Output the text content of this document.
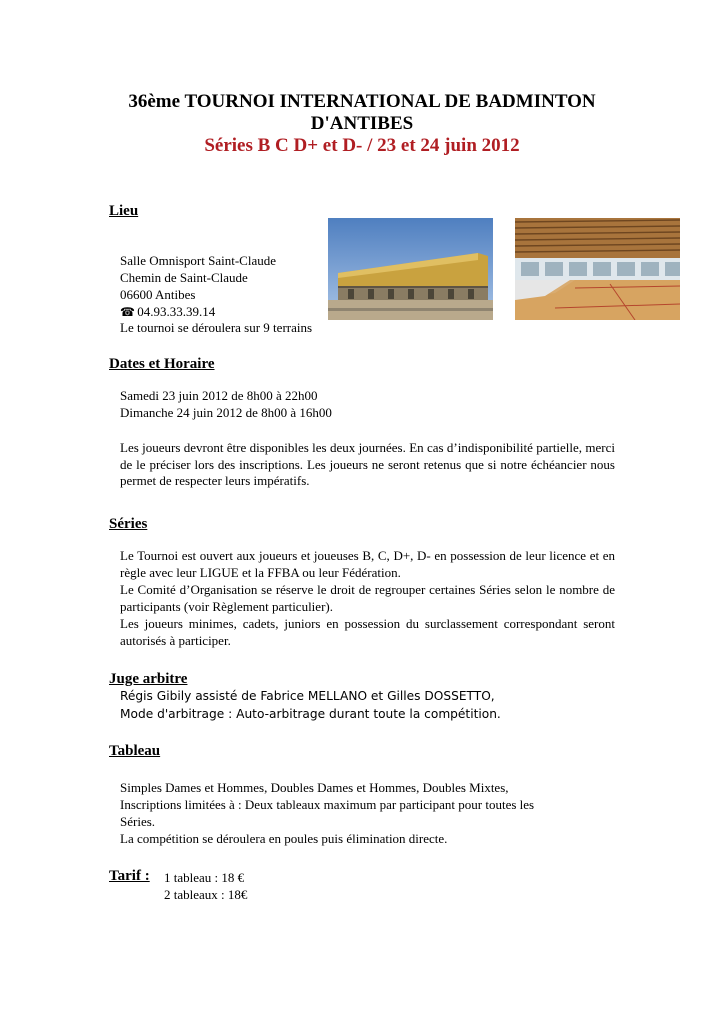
36ème TOURNOI INTERNATIONAL DE BADMINTON
D'ANTIBES
Séries B C D+ et D- / 23 et 24 juin 2012
Lieu
Salle Omnisport Saint-Claude
Chemin de Saint-Claude
06600 Antibes
☎ 04.93.33.39.14
Le tournoi se déroulera sur 9 terrains
Dates et Horaire
Samedi 23 juin 2012 de 8h00 à 22h00
Dimanche 24 juin 2012 de 8h00 à 16h00
Les joueurs devront être disponibles les deux journées. En cas d’indisponibilité partielle, merci de le préciser lors des inscriptions. Les joueurs ne seront retenus que si notre échéancier nous permet de respecter leurs impératifs.
Séries
Le Tournoi est ouvert aux joueurs et joueuses B, C, D+, D- en possession de leur licence et en règle avec leur LIGUE et la FFBA ou leur Fédération.
Le Comité d’Organisation se réserve le droit de regrouper certaines Séries selon le nombre de participants (voir Règlement particulier).
Les joueurs minimes, cadets, juniors en possession du surclassement correspondant seront autorisés à participer.
Juge arbitre
Régis Gibily assisté de Fabrice MELLANO et Gilles DOSSETTO,
Mode d'arbitrage : Auto-arbitrage durant toute la compétition.
Tableau
Simples Dames et Hommes, Doubles Dames et Hommes, Doubles Mixtes,
Inscriptions limitées à : Deux tableaux maximum par participant pour toutes les
Séries.
La compétition se déroulera en poules puis élimination directe.
Tarif : 1 tableau : 18 €
2 tableaux : 18€
